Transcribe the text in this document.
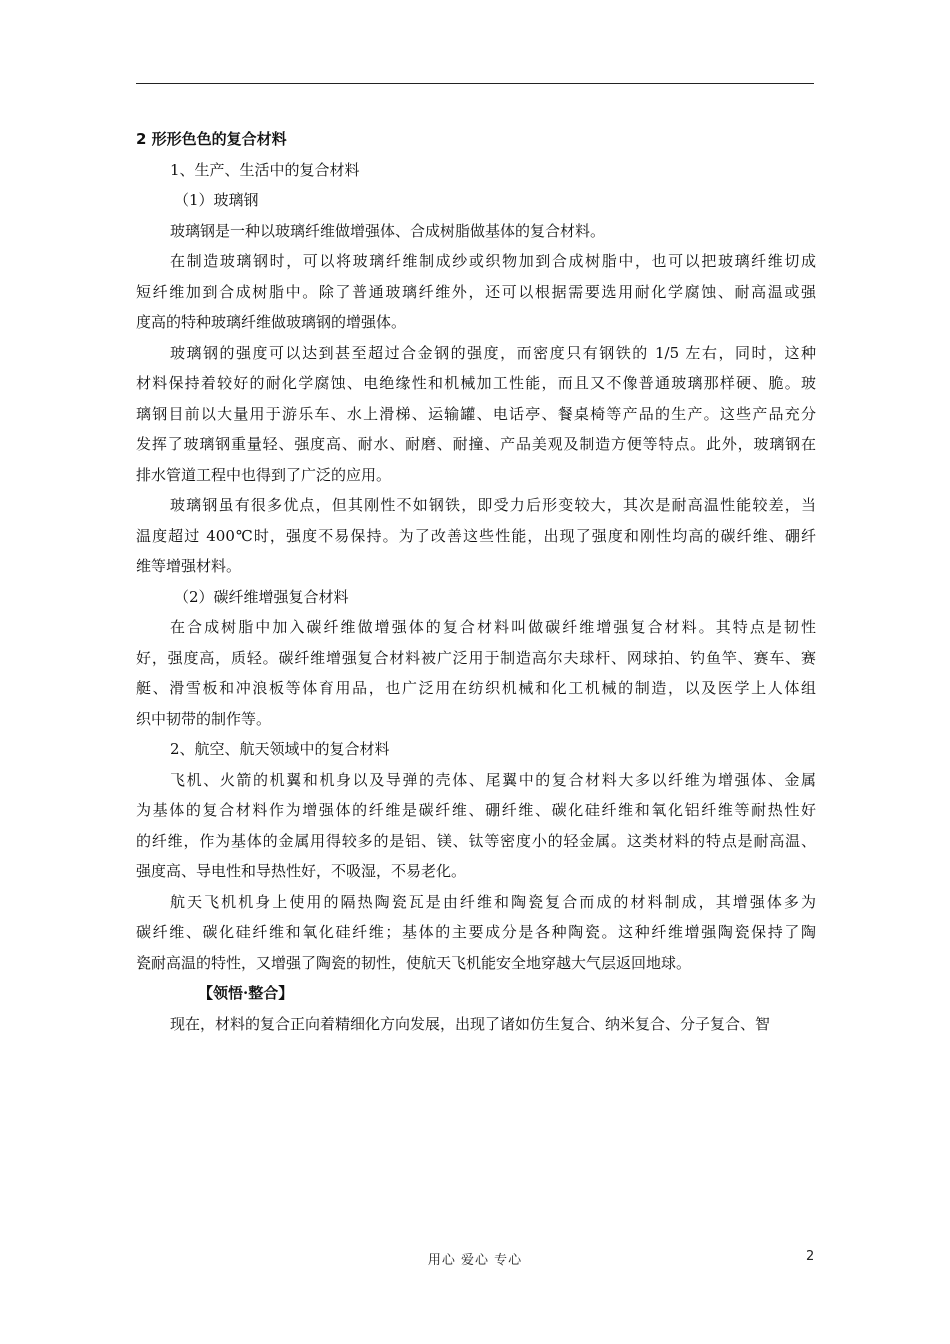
2 形形色色的复合材料
1、生产、生活中的复合材料
（1）玻璃钢
玻璃钢是一种以玻璃纤维做增强体、合成树脂做基体的复合材料。
在制造玻璃钢时，可以将玻璃纤维制成纱或织物加到合成树脂中，也可以把玻璃纤维切成
短纤维加到合成树脂中。除了普通玻璃纤维外，还可以根据需要选用耐化学腐蚀、耐高温或强
度高的特种玻璃纤维做玻璃钢的增强体。
玻璃钢的强度可以达到甚至超过合金钢的强度，而密度只有钢铁的 1/5 左右，同时，这种
材料保持着较好的耐化学腐蚀、电绝缘性和机械加工性能，而且又不像普通玻璃那样硬、脆。玻
璃钢目前以大量用于游乐车、水上滑梯、运输罐、电话亭、餐桌椅等产品的生产。这些产品充分
发挥了玻璃钢重量轻、强度高、耐水、耐磨、耐撞、产品美观及制造方便等特点。此外，玻璃钢在
排水管道工程中也得到了广泛的应用。
玻璃钢虽有很多优点，但其刚性不如钢铁，即受力后形变较大，其次是耐高温性能较差，当
温度超过 400℃时，强度不易保持。为了改善这些性能，出现了强度和刚性均高的碳纤维、硼纤
维等增强材料。
（2）碳纤维增强复合材料
在合成树脂中加入碳纤维做增强体的复合材料叫做碳纤维增强复合材料。其特点是韧性
好，强度高，质轻。碳纤维增强复合材料被广泛用于制造高尔夫球杆、网球拍、钓鱼竿、赛车、赛
艇、滑雪板和冲浪板等体育用品，也广泛用在纺织机械和化工机械的制造，以及医学上人体组
织中韧带的制作等。
2、航空、航天领域中的复合材料
飞机、火箭的机翼和机身以及导弹的壳体、尾翼中的复合材料大多以纤维为增强体、金属
为基体的复合材料作为增强体的纤维是碳纤维、硼纤维、碳化硅纤维和氧化铝纤维等耐热性好
的纤维，作为基体的金属用得较多的是铝、镁、钛等密度小的轻金属。这类材料的特点是耐高温、
强度高、导电性和导热性好，不吸湿，不易老化。
航天飞机机身上使用的隔热陶瓷瓦是由纤维和陶瓷复合而成的材料制成，其增强体多为
碳纤维、碳化硅纤维和氧化硅纤维；基体的主要成分是各种陶瓷。这种纤维增强陶瓷保持了陶
瓷耐高温的特性，又增强了陶瓷的韧性，使航天飞机能安全地穿越大气层返回地球。
【领悟·整合】
现在，材料的复合正向着精细化方向发展，出现了诸如仿生复合、纳米复合、分子复合、智
用心 爱心 专心	2
